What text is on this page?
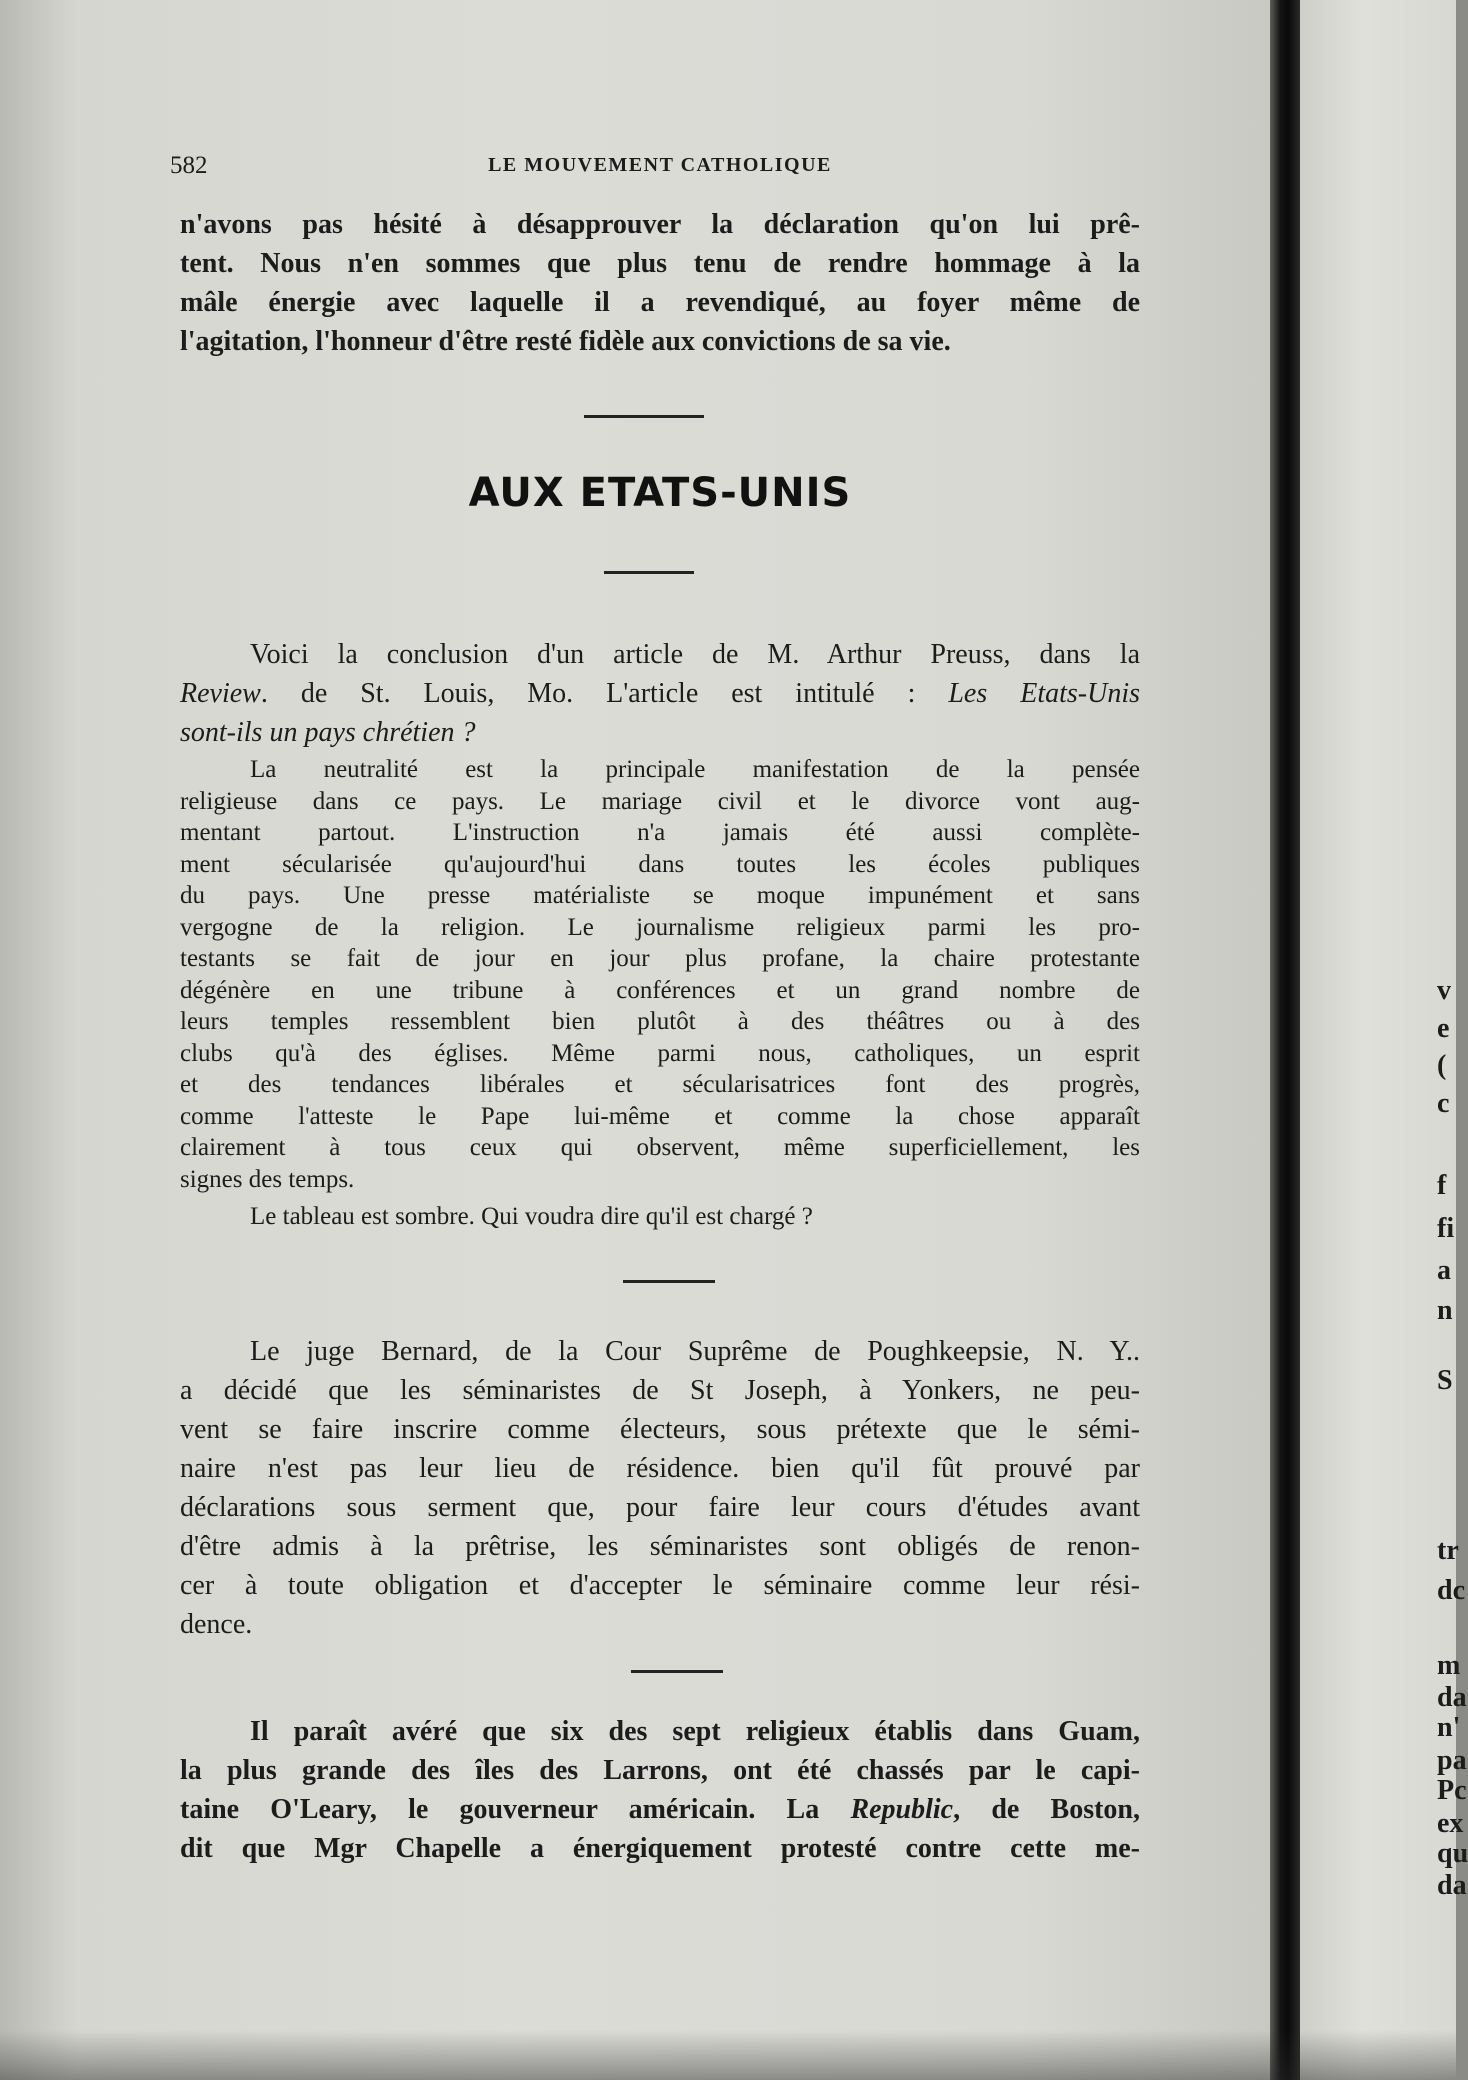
582	LE MOUVEMENT CATHOLIQUE

n'avons pas hésité à désapprouver la déclaration qu'on lui prê-

tent. Nous n'en sommes que plus tenu de rendre hommage à la

mâle énergie avec laquelle il a revendiqué, au foyer même de

l'agitation, l'honneur d'être resté fidèle aux convictions de sa vie.

AUX ETATS-UNIS

Voici la conclusion d'un article de M. Arthur Preuss, dans la

Review. de St. Louis, Mo. L'article est intitulé : Les Etats-Unis

sont-ils un pays chrétien ?

La neutralité est la principale manifestation de la pensée

religieuse dans ce pays. Le mariage civil et le divorce vont aug-

mentant partout. L'instruction n'a jamais été aussi complète-

ment sécularisée qu'aujourd'hui dans toutes les écoles publiques

du pays. Une presse matérialiste se moque impunément et sans

vergogne de la religion. Le journalisme religieux parmi les pro-

testants se fait de jour en jour plus profane, la chaire protestante

dégénère en une tribune à conférences et un grand nombre de

leurs temples ressemblent bien plutôt à des théâtres ou à des

clubs qu'à des églises. Même parmi nous, catholiques, un esprit

et des tendances libérales et sécularisatrices font des progrès,

comme l'atteste le Pape lui-même et comme la chose apparaît

clairement à tous ceux qui observent, même superficiellement, les

signes des temps.

Le tableau est sombre. Qui voudra dire qu'il est chargé ?

Le juge Bernard, de la Cour Suprême de Poughkeepsie, N. Y..

a décidé que les séminaristes de St Joseph, à Yonkers, ne peu-

vent se faire inscrire comme électeurs, sous prétexte que le sémi-

naire n'est pas leur lieu de résidence. bien qu'il fût prouvé par

déclarations sous serment que, pour faire leur cours d'études avant

d'être admis à la prêtrise, les séminaristes sont obligés de renon-

cer à toute obligation et d'accepter le séminaire comme leur rési-

dence.

Il paraît avéré que six des sept religieux établis dans Guam,

la plus grande des îles des Larrons, ont été chassés par le capi-

taine O'Leary, le gouverneur américain. La Republic, de Boston,

dit que Mgr Chapelle a énergiquement protesté contre cette me-

v
e
(
c
f
fi
a
n
S
tr
dc
m
da
n'
pa
Pc
ex
qu
da
